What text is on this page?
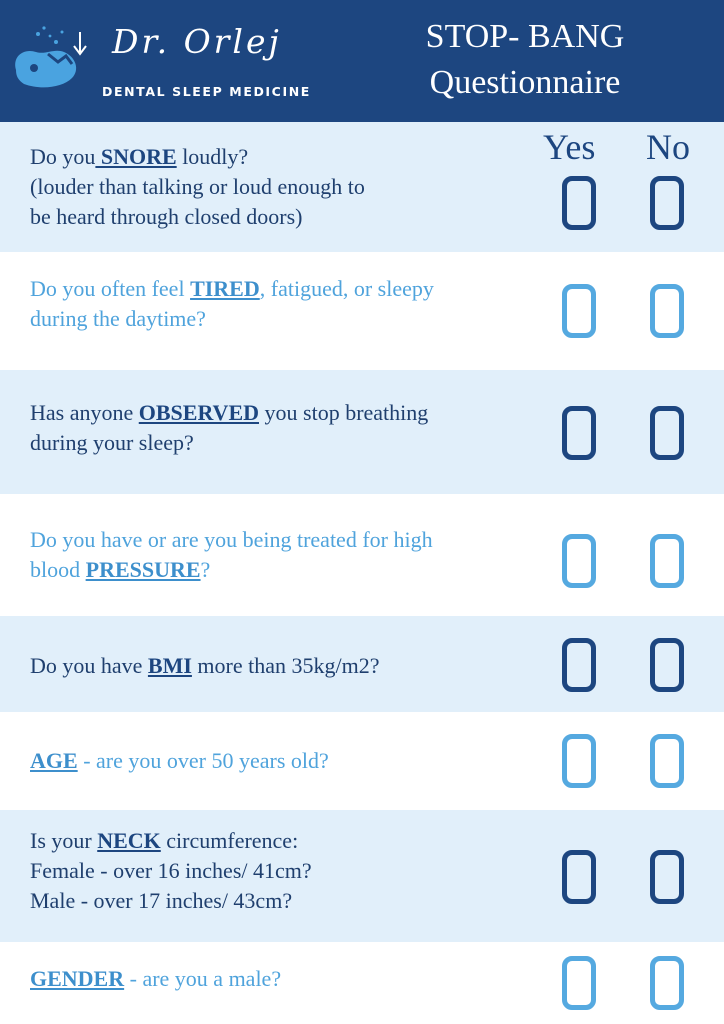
Dr. Orlej
DENTAL SLEEP MEDICINE
STOP- BANG
Questionnaire
Do you SNORE loudly?
(louder than talking or loud enough to
be heard through closed doors)
Do you often feel TIRED, fatigued, or sleepy
during the daytime?
Has anyone OBSERVED you stop breathing
during your sleep?
Do you have or are you being treated for high
blood PRESSURE?
Do you have BMI more than 35kg/m2?
AGE - are you over 50 years old?
Is your NECK circumference:
Female - over 16 inches/ 41cm?
Male - over 17 inches/ 43cm?
GENDER - are you a male?
Yes No
